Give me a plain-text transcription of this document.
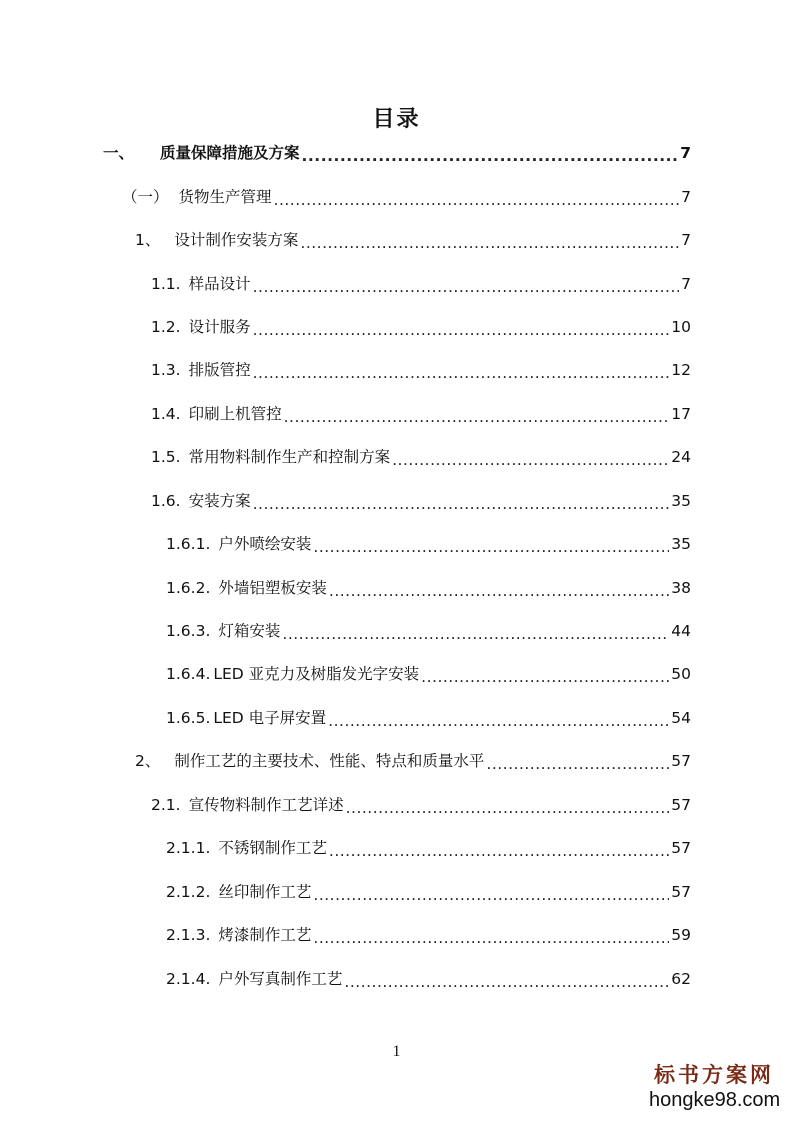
目录
一、 质量保障措施及方案 .....	7
（一） 货物生产管理 .....	7
1、 设计制作安装方案 .....	7
1.1. 样品设计 .....	7
1.2. 设计服务 .....	10
1.3. 排版管控 .....	12
1.4. 印刷上机管控 .....	17
1.5. 常用物料制作生产和控制方案 .....	24
1.6. 安装方案 .....	35
1.6.1. 户外喷绘安装 .....	35
1.6.2. 外墙铝塑板安装 .....	38
1.6.3. 灯箱安装 .....	44
1.6.4. LED 亚克力及树脂发光字安装 .....	50
1.6.5. LED 电子屏安置 .....	54
2、 制作工艺的主要技术、性能、特点和质量水平 .....	57
2.1. 宣传物料制作工艺详述 .....	57
2.1.1. 不锈钢制作工艺 .....	57
2.1.2. 丝印制作工艺 .....	57
2.1.3. 烤漆制作工艺 .....	59
2.1.4. 户外写真制作工艺 .....	62
1
标书方案网
hongke98.com
